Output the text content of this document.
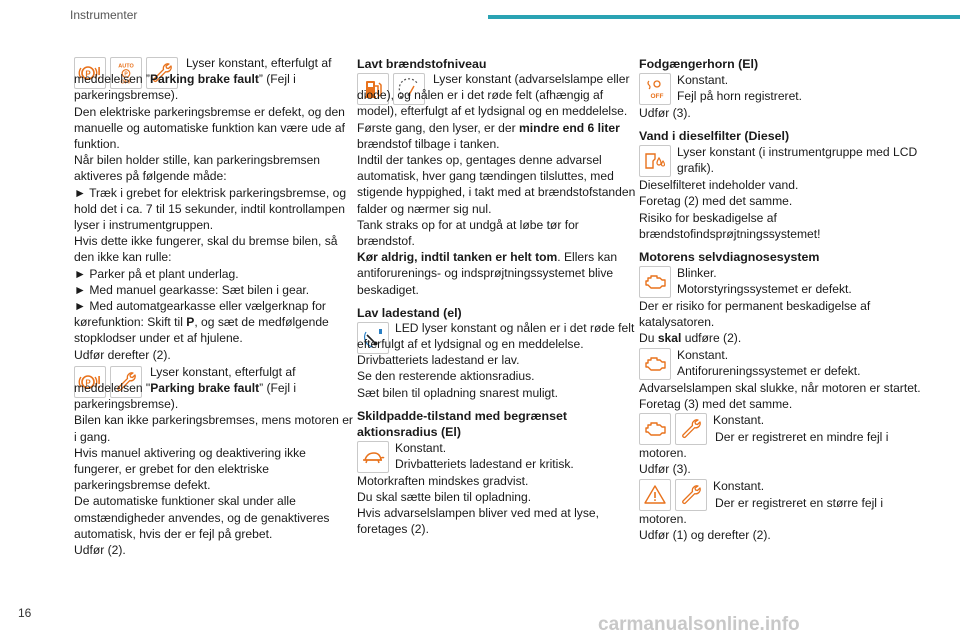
Instrumenter

Lyser konstant, efterfulgt af meddelelsen ”Parking brake fault” (Fejl i parkeringsbremse).

Den elektriske parkeringsbremse er defekt, og den manuelle og automatiske funktion kan være ude af funktion.

Når bilen holder stille, kan parkeringsbremsen aktiveres på følgende måde:

► Træk i grebet for elektrisk parkeringsbremse, og hold det i ca. 7 til 15 sekunder, indtil kontrollampen lyser i instrumentgruppen.

Hvis dette ikke fungerer, skal du bremse bilen, så den ikke kan rulle:

► Parker på et plant underlag.

► Med manuel gearkasse: Sæt bilen i gear.

► Med automatgearkasse eller vælgerknap for kørefunktion: Skift til P, og sæt de medfølgende stopklodser under et af hjulene.

Udfør derefter (2).

Lyser konstant, efterfulgt af meddelelsen "Parking brake fault” (Fejl i parkeringsbremse).

Bilen kan ikke parkeringsbremses, mens motoren er i gang.

Hvis manuel aktivering og deaktivering ikke fungerer, er grebet for den elektriske parkeringsbremse defekt.

De automatiske funktioner skal under alle omstændigheder anvendes, og de genaktiveres automatisk, hvis der er fejl på grebet.

Udfør (2).

Lavt brændstofniveau

Lyser konstant (advarselslampe eller diode), og nålen er i det røde felt (afhængig af model), efterfulgt af et lydsignal og en meddelelse.

Første gang, den lyser, er der mindre end 6 liter brændstof tilbage i tanken.

Indtil der tankes op, gentages denne advarsel automatisk, hver gang tændingen tilsluttes, med stigende hyppighed, i takt med at brændstofstanden falder og nærmer sig nul.

Tank straks op for at undgå at løbe tør for brændstof.

Kør aldrig, indtil tanken er helt tom. Ellers kan antiforurenings- og indsprøjtningssystemet blive beskadiget.

Lav ladestand (el)

LED lyser konstant og nålen er i det røde felt efterfulgt af et lydsignal og en meddelelse.

Drivbatteriets ladestand er lav.

Se den resterende aktionsradius.

Sæt bilen til opladning snarest muligt.

Skildpadde-tilstand med begrænset aktionsradius (El)

Konstant.

Drivbatteriets ladestand er kritisk.

Motorkraften mindskes gradvist.

Du skal sætte bilen til opladning.

Hvis advarselslampen bliver ved med at lyse, foretages (2).

Fodgængerhorn (El)

Konstant.

Fejl på horn registreret.

Udfør (3).

Vand i dieselfilter (Diesel)

Lyser konstant (i instrumentgruppe med LCD grafik).

Dieselfilteret indeholder vand.

Foretag (2) med det samme.

Risiko for beskadigelse af brændstofindsprøjtningssystemet!

Motorens selvdiagnosesystem

Blinker.

Motorstyringssystemet er defekt.

Der er risiko for permanent beskadigelse af katalysatoren.

Du skal udføre (2).

Konstant.

Antiforureningssystemet er defekt.

Advarselslampen skal slukke, når motoren er startet.

Foretag (3) med det samme.

Konstant.

Der er registreret en mindre fejl i motoren.

Udfør (3).

Konstant.

Der er registreret en større fejl i motoren.

Udfør (1) og derefter (2).

16
carmanualsonline.info
